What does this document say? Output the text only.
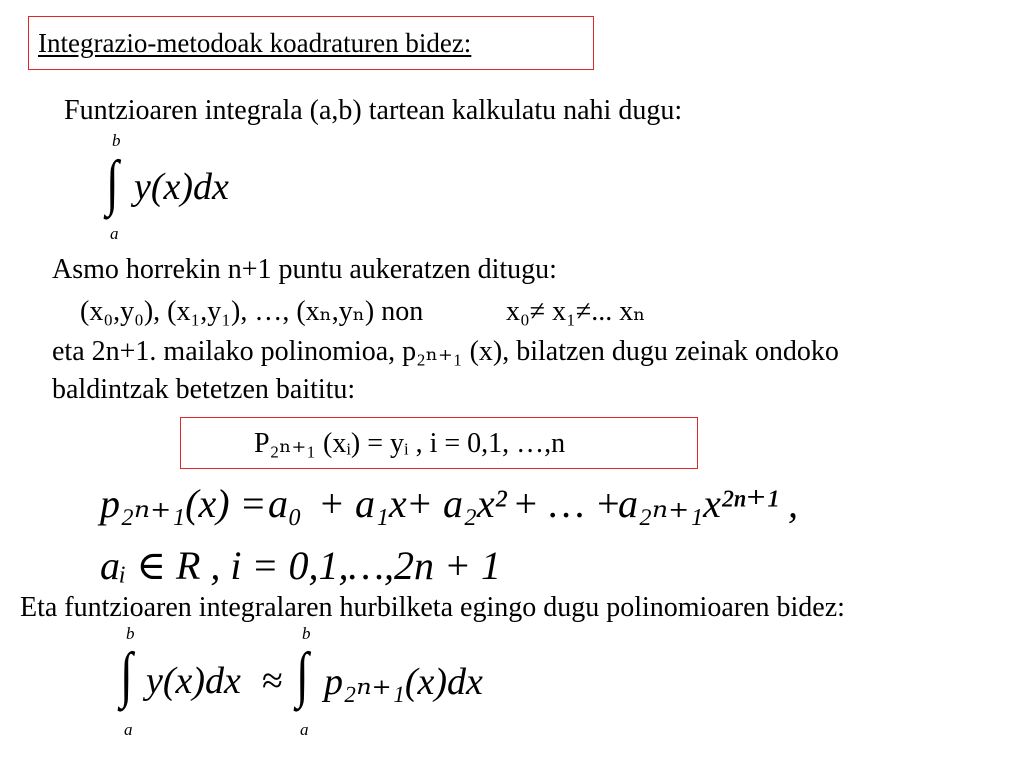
Integrazio-metodoak koadraturen bidez:
Funtzioaren integrala (a,b) tartean kalkulatu nahi dugu:
b
∫ y(x)dx
a
Asmo horrekin n+1 puntu aukeratzen ditugu:
(x₀,y₀), (x₁,y₁), …, (xₙ,yₙ) non	x₀≠ x₁≠... xₙ
eta 2n+1. mailako polinomioa, p₂ₙ₊₁ (x), bilatzen dugu zeinak ondoko
baldintzak betetzen baititu:
P₂ₙ₊₁ (xᵢ) = yᵢ , i = 0,1, …,n
p₂ₙ₊₁(x) = a₀ + a₁x + a₂x² + … +
a₂ₙ₊₁x²ⁿ⁺¹ ,
aᵢ ∈ R , i = 0,1,…,2n + 1
Eta funtzioaren integralaren hurbilketa egingo dugu polinomioaren bidez:
b
∫ y(x)dx
a
≈
b
∫ p₂ₙ₊₁(x)dx
a
